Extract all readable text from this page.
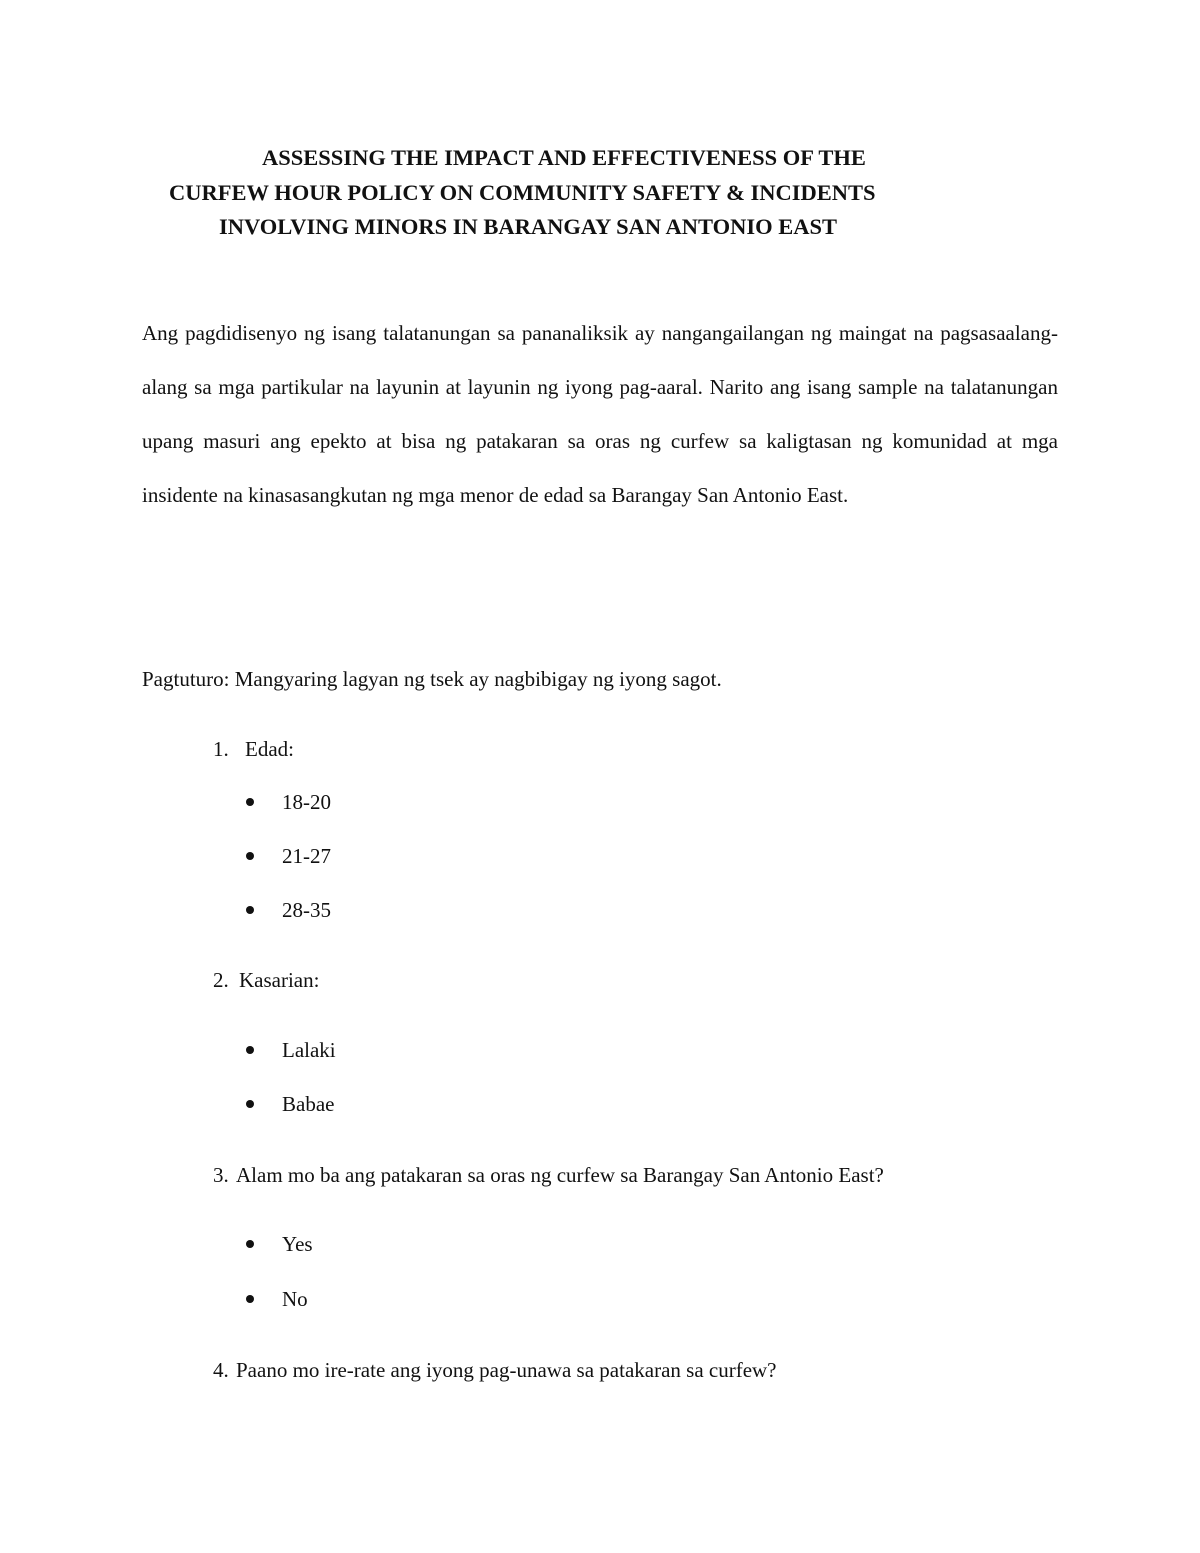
ASSESSING THE IMPACT AND EFFECTIVENESS OF THE
CURFEW HOUR POLICY ON COMMUNITY SAFETY & INCIDENTS
INVOLVING MINORS IN BARANGAY SAN ANTONIO EAST

Ang pagdidisenyo ng isang talatanungan sa pananaliksik ay nangangailangan ng maingat na pagsasaalang-alang sa mga partikular na layunin at layunin ng iyong pag-aaral. Narito ang isang sample na talatanungan upang masuri ang epekto at bisa ng patakaran sa oras ng curfew sa kaligtasan ng komunidad at mga insidente na kinasasangkutan ng mga menor de edad sa Barangay San Antonio East.

Pagtuturo: Mangyaring lagyan ng tsek ay nagbibigay ng iyong sagot.
1. Edad:
18-20
21-27
28-35
2. Kasarian:
Lalaki
Babae
3. Alam mo ba ang patakaran sa oras ng curfew sa Barangay San Antonio East?
Yes
No
4. Paano mo ire-rate ang iyong pag-unawa sa patakaran sa curfew?
